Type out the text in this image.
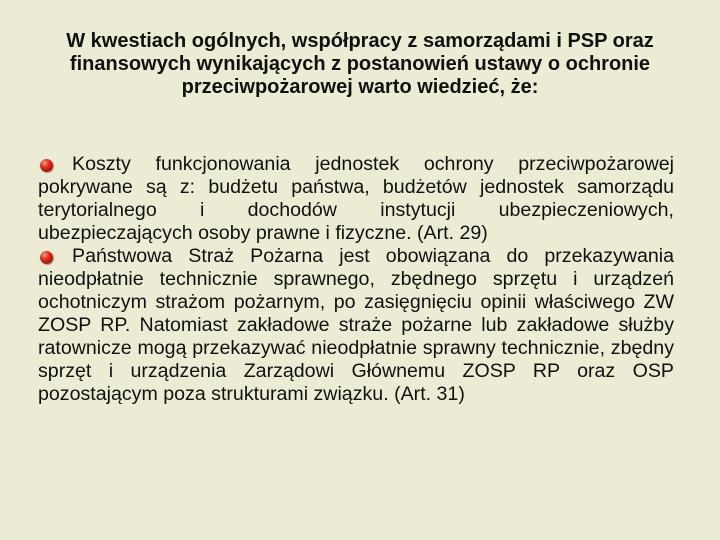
W kwestiach ogólnych, współpracy z samorządami i PSP oraz finansowych wynikających z postanowień ustawy o ochronie przeciwpożarowej warto wiedzieć, że:

Koszty funkcjonowania jednostek ochrony przeciwpożarowej pokrywane są z: budżetu państwa, budżetów jednostek samorządu terytorialnego i dochodów instytucji ubezpieczeniowych, ubezpieczających osoby prawne i fizyczne. (Art. 29)

Państwowa Straż Pożarna jest obowiązana do przekazywania nieodpłatnie technicznie sprawnego, zbędnego sprzętu i urządzeń ochotniczym strażom pożarnym, po zasięgnięciu opinii właściwego ZW ZOSP RP. Natomiast zakładowe straże pożarne lub zakładowe służby ratownicze mogą przekazywać nieodpłatnie sprawny technicznie, zbędny sprzęt i urządzenia Zarządowi Głównemu ZOSP RP oraz OSP pozostającym poza strukturami związku. (Art. 31)
